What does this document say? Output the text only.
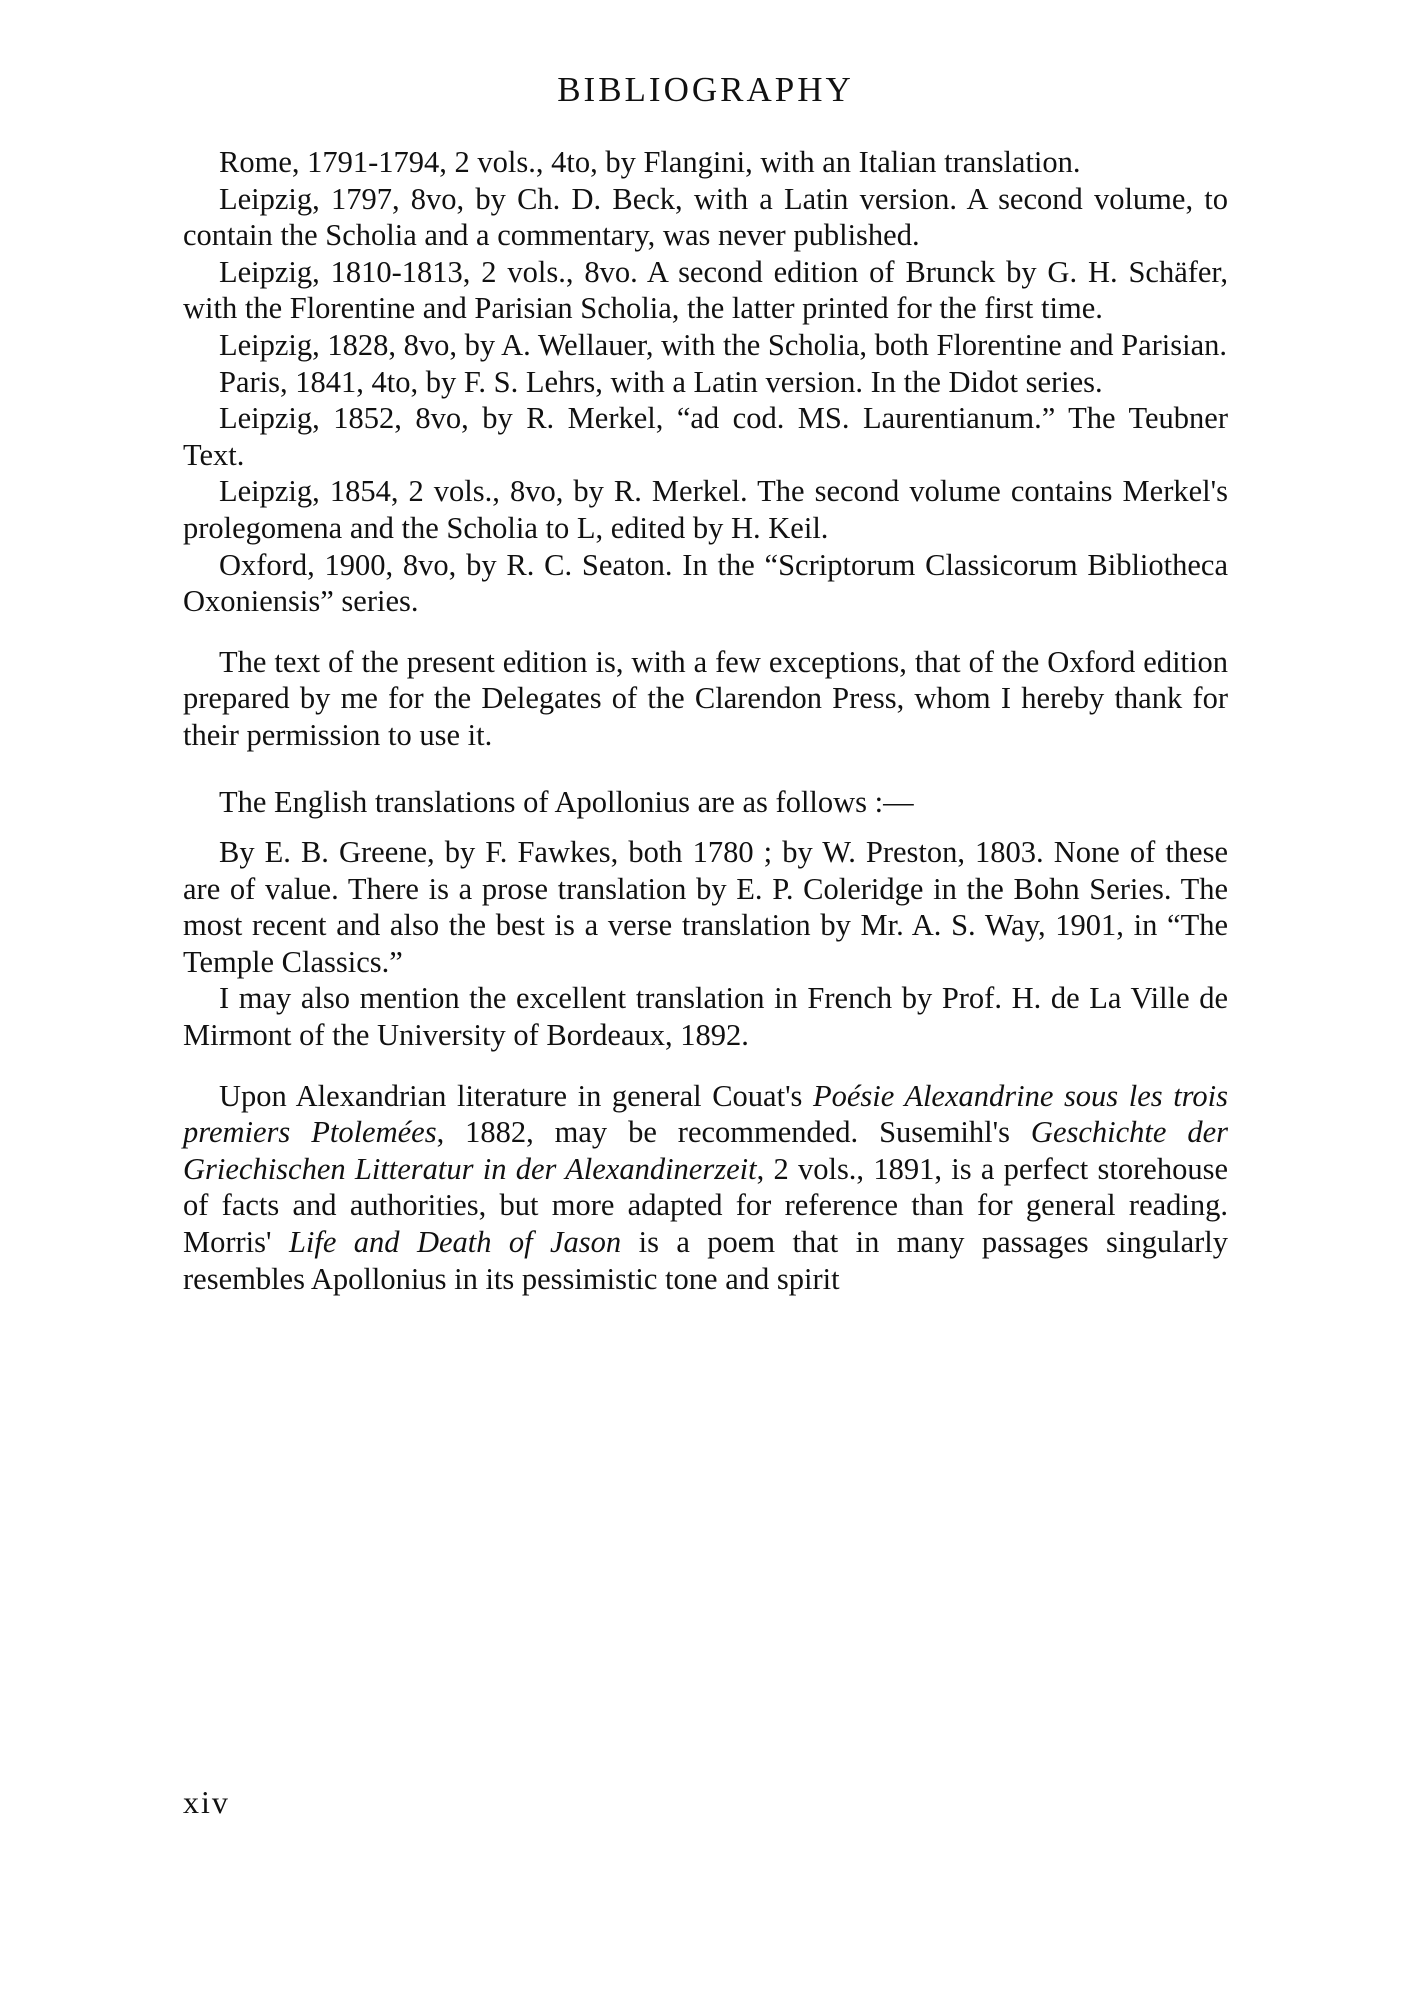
BIBLIOGRAPHY

Rome, 1791-1794, 2 vols., 4to, by Flangini, with an Italian translation.

Leipzig, 1797, 8vo, by Ch. D. Beck, with a Latin version. A second volume, to contain the Scholia and a commentary, was never published.

Leipzig, 1810-1813, 2 vols., 8vo. A second edition of Brunck by G. H. Schäfer, with the Florentine and Parisian Scholia, the latter printed for the first time.

Leipzig, 1828, 8vo, by A. Wellauer, with the Scholia, both Florentine and Parisian.

Paris, 1841, 4to, by F. S. Lehrs, with a Latin version. In the Didot series.

Leipzig, 1852, 8vo, by R. Merkel, “ad cod. MS. Laurentianum.” The Teubner Text.

Leipzig, 1854, 2 vols., 8vo, by R. Merkel. The second volume contains Merkel's prolegomena and the Scholia to L, edited by H. Keil.

Oxford, 1900, 8vo, by R. C. Seaton. In the “Scriptorum Classicorum Bibliotheca Oxoniensis” series.

The text of the present edition is, with a few exceptions, that of the Oxford edition prepared by me for the Delegates of the Clarendon Press, whom I hereby thank for their permission to use it.

The English translations of Apollonius are as follows :—

By E. B. Greene, by F. Fawkes, both 1780 ; by W. Preston, 1803. None of these are of value. There is a prose translation by E. P. Coleridge in the Bohn Series. The most recent and also the best is a verse translation by Mr. A. S. Way, 1901, in “The Temple Classics.”

I may also mention the excellent translation in French by Prof. H. de La Ville de Mirmont of the University of Bordeaux, 1892.

Upon Alexandrian literature in general Couat's Poésie Alexandrine sous les trois premiers Ptolemées, 1882, may be recommended. Susemihl's Geschichte der Griechischen Litteratur in der Alexandinerzeit, 2 vols., 1891, is a perfect storehouse of facts and authorities, but more adapted for reference than for general reading. Morris' Life and Death of Jason is a poem that in many passages singularly resembles Apollonius in its pessimistic tone and spirit

xiv
